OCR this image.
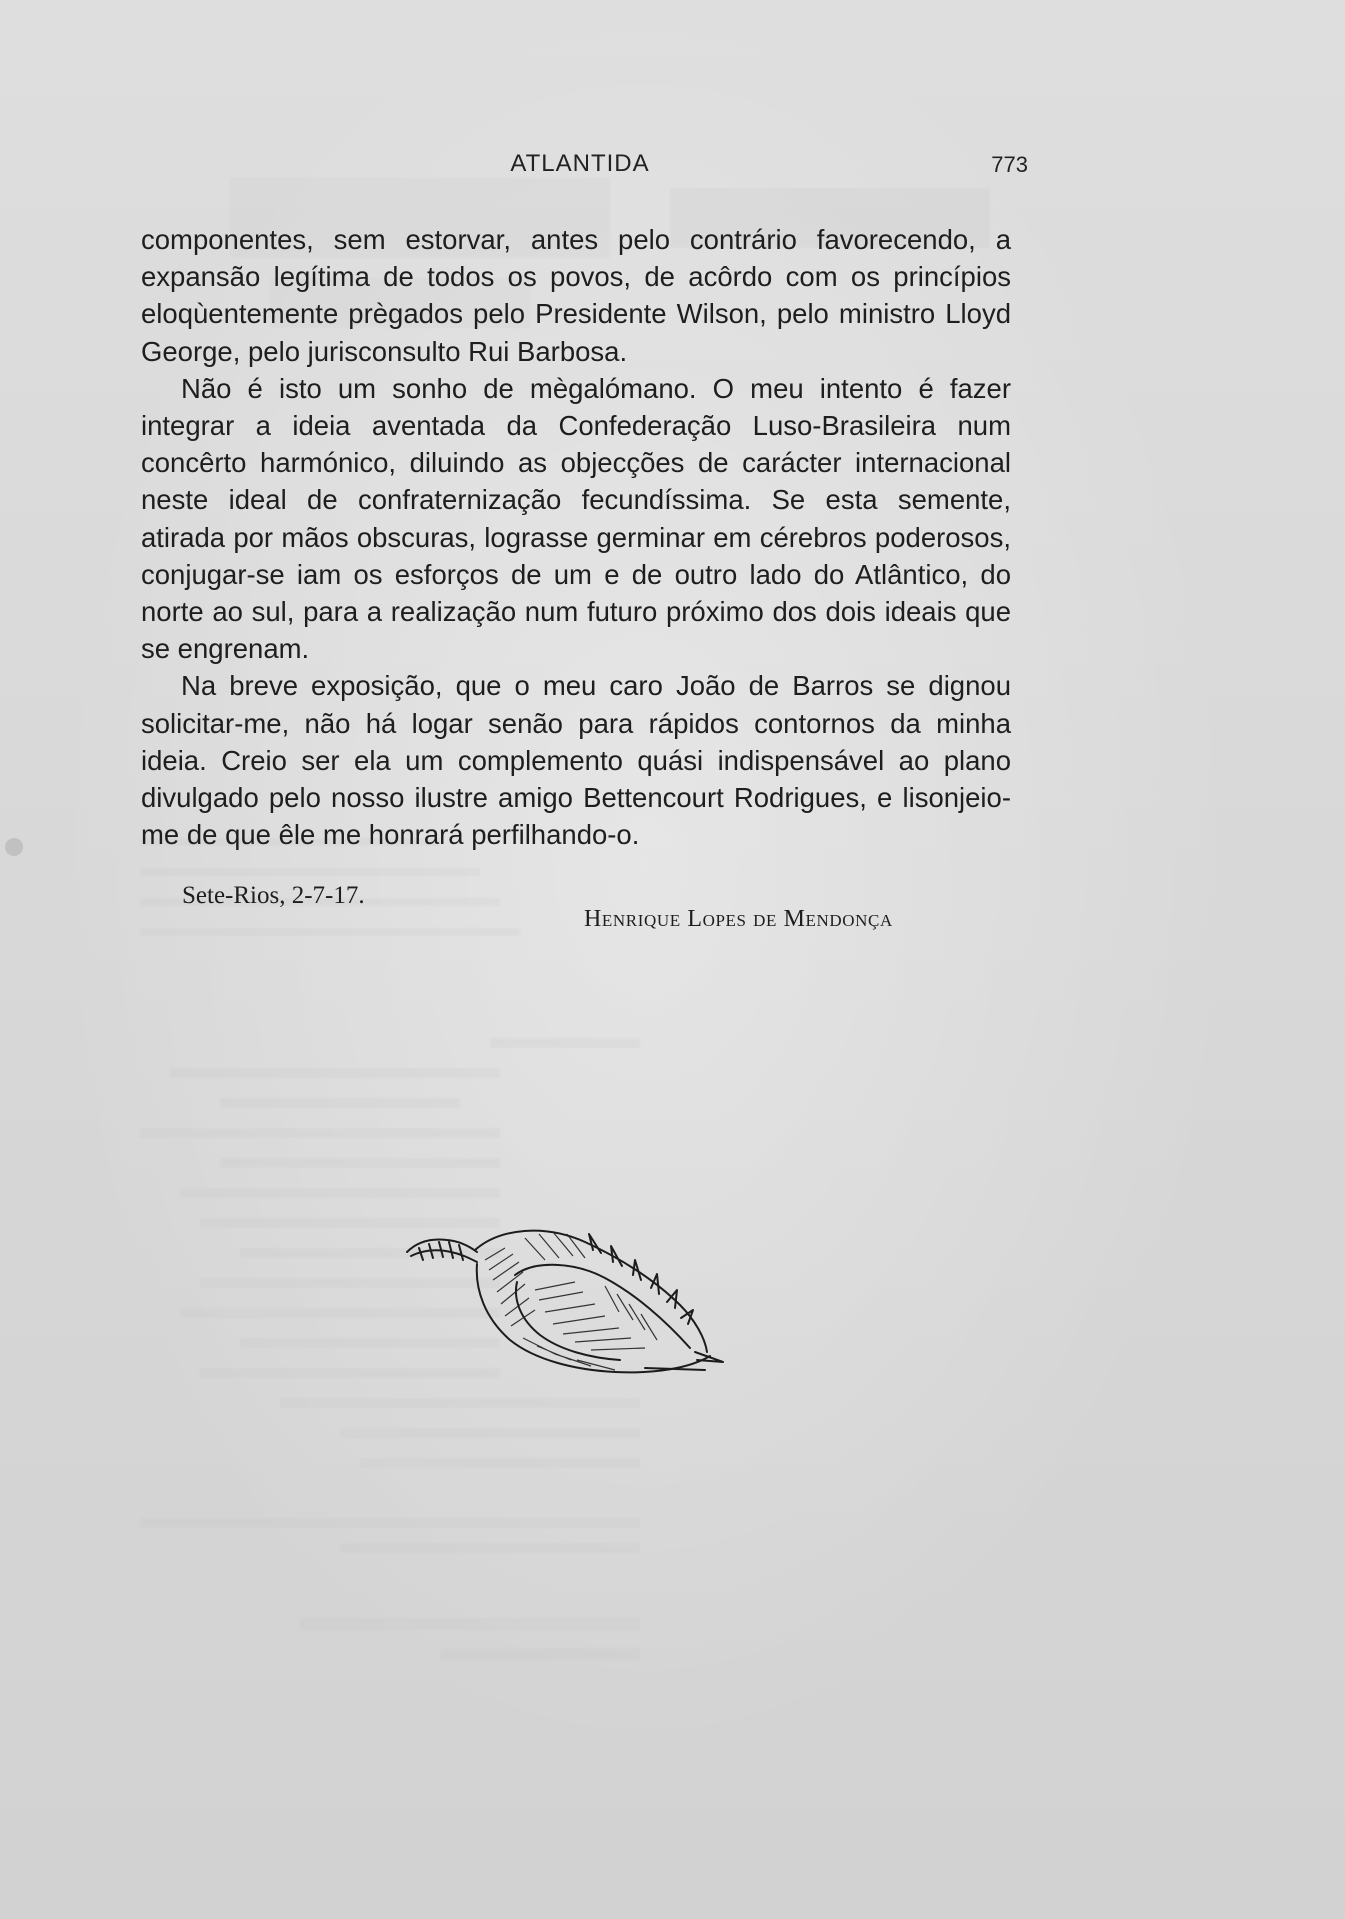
ATLANTIDA	773

componentes, sem estorvar, antes pelo contrário favorecendo, a expansão legítima de todos os povos, de acôrdo com os princípios eloqùentemente prègados pelo Presidente Wilson, pelo ministro Lloyd George, pelo jurisconsulto Rui Barbosa.

Não é isto um sonho de mègalómano. O meu intento é fazer integrar a ideia aventada da Confederação Luso-Brasileira num concêrto harmónico, diluindo as objecções de carácter internacional neste ideal de confraternização fecundíssima. Se esta semente, atirada por mãos obscuras, lograsse germinar em cérebros poderosos, conjugar-se iam os esforços de um e de outro lado do Atlântico, do norte ao sul, para a realização num futuro próximo dos dois ideais que se engrenam.

Na breve exposição, que o meu caro João de Barros se dignou solicitar-me, não há logar senão para rápidos contornos da minha ideia. Creio ser ela um complemento quási indispensável ao plano divulgado pelo nosso ilustre amigo Bettencourt Rodrigues, e lisonjeio-me de que êle me honrará perfilhando-o.

Sete-Rios, 2-7-17.
Henrique Lopes de Mendonça
